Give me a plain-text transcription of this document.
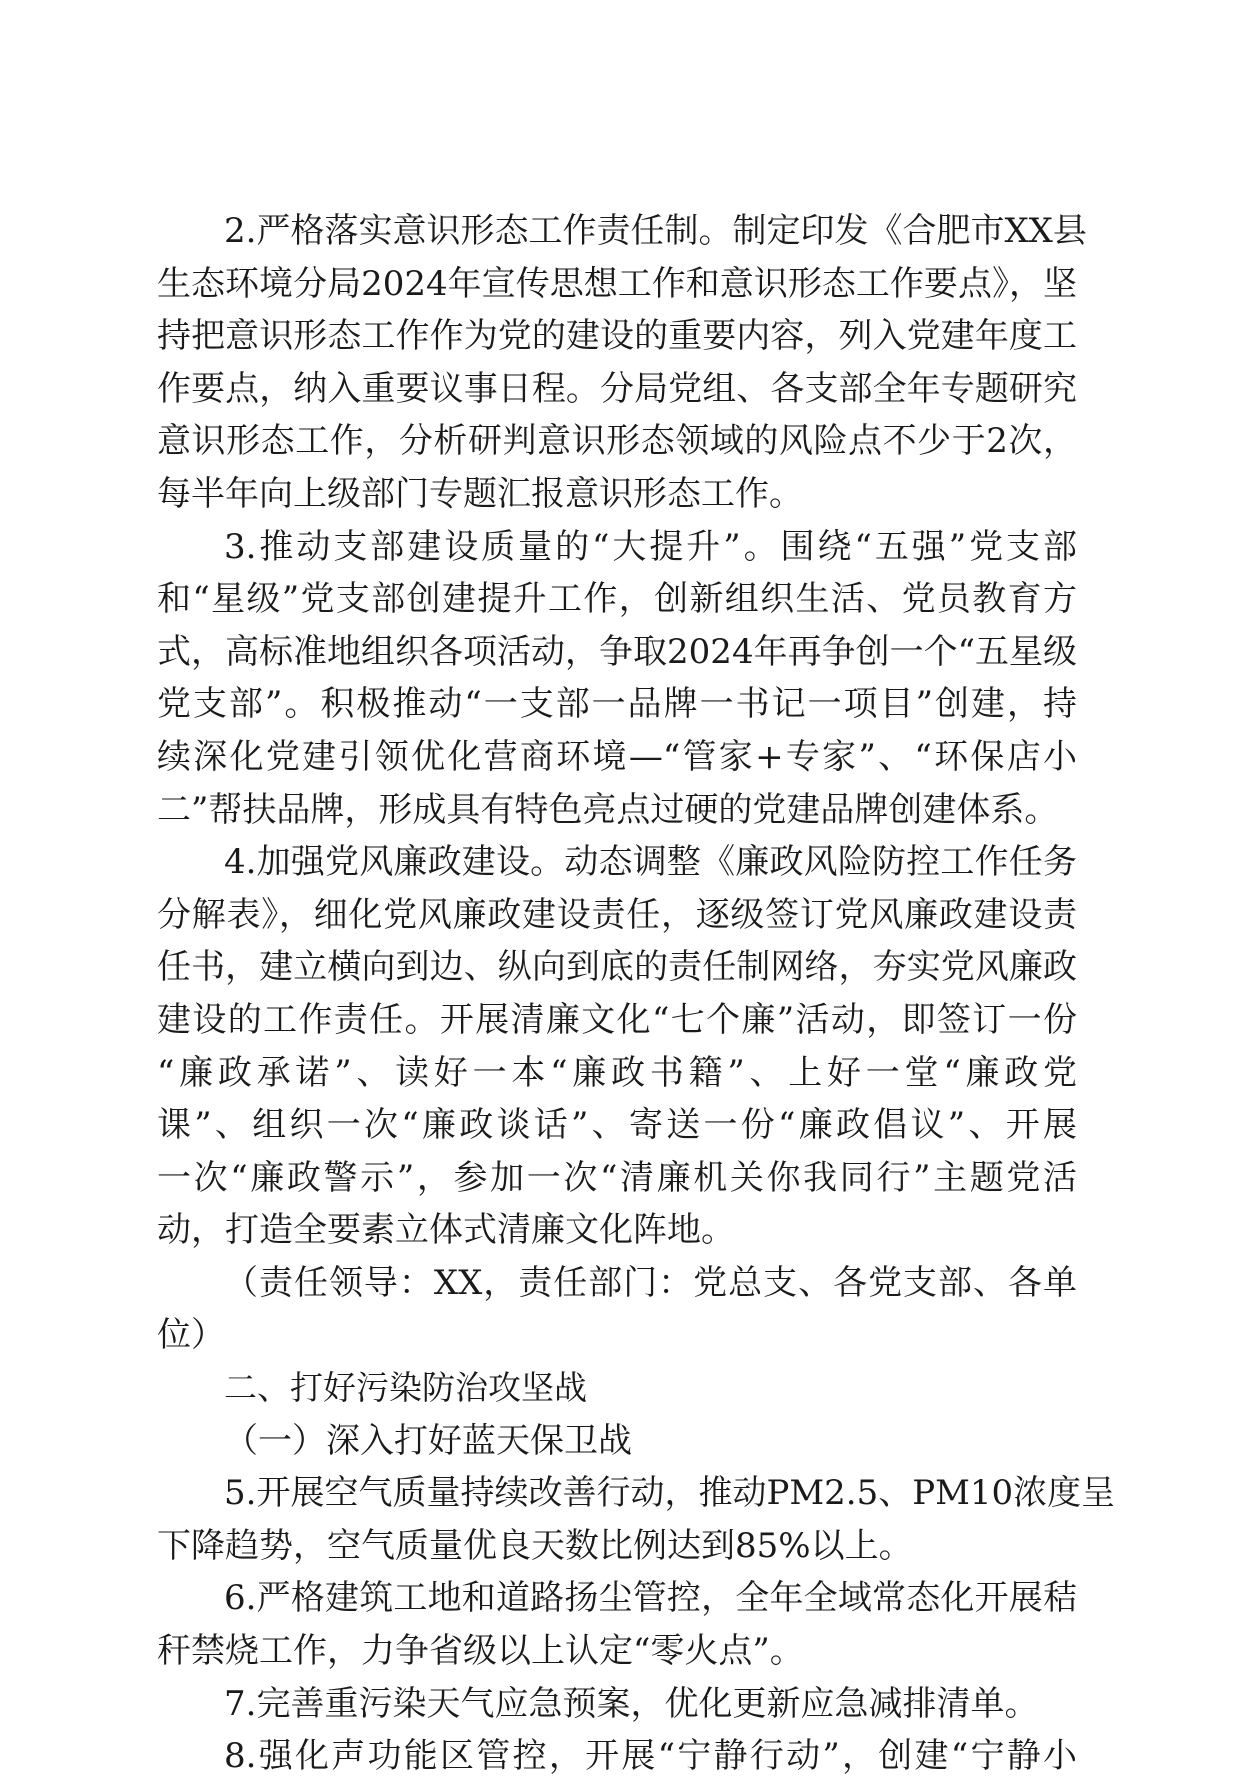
2.严格落实意识形态工作责任制。制定印发《合肥市XX县
生态环境分局2024年宣传思想工作和意识形态工作要点》，坚
持把意识形态工作作为党的建设的重要内容，列入党建年度工
作要点，纳入重要议事日程。分局党组、各支部全年专题研究
意识形态工作，分析研判意识形态领域的风险点不少于2次，
每半年向上级部门专题汇报意识形态工作。
3.推动支部建设质量的“大提升”。围绕“五强”党支部
和“星级”党支部创建提升工作，创新组织生活、党员教育方
式，高标准地组织各项活动，争取2024年再争创一个“五星级
党支部”。积极推动“一支部一品牌一书记一项目”创建，持
续深化党建引领优化营商环境—“管家+专家”、“环保店小
二”帮扶品牌，形成具有特色亮点过硬的党建品牌创建体系。
4.加强党风廉政建设。动态调整《廉政风险防控工作任务
分解表》，细化党风廉政建设责任，逐级签订党风廉政建设责
任书，建立横向到边、纵向到底的责任制网络，夯实党风廉政
建设的工作责任。开展清廉文化“七个廉”活动，即签订一份
“廉政承诺”、读好一本“廉政书籍”、上好一堂“廉政党
课”、组织一次“廉政谈话”、寄送一份“廉政倡议”、开展
一次“廉政警示”，参加一次“清廉机关你我同行”主题党活
动，打造全要素立体式清廉文化阵地。
（责任领导：XX，责任部门：党总支、各党支部、各单
位）
二、打好污染防治攻坚战
（一）深入打好蓝天保卫战
5.开展空气质量持续改善行动，推动PM2.5、PM10浓度呈
下降趋势，空气质量优良天数比例达到85%以上。
6.严格建筑工地和道路扬尘管控，全年全域常态化开展秸
秆禁烧工作，力争省级以上认定“零火点”。
7.完善重污染天气应急预案，优化更新应急减排清单。
8.强化声功能区管控，开展“宁静行动”，创建“宁静小
